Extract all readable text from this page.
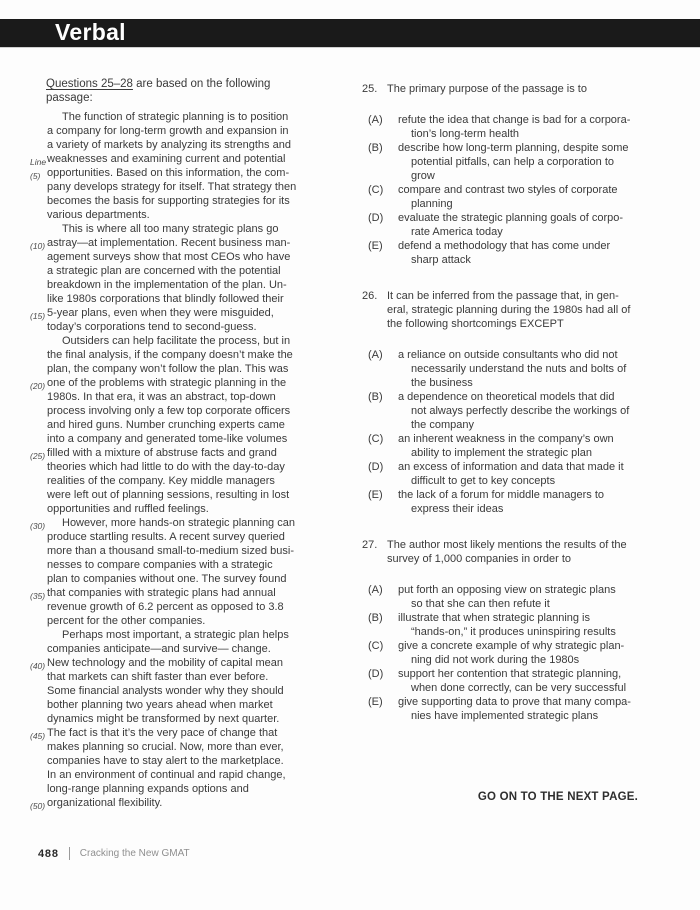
Verbal
Questions 25–28 are based on the following
passage:
The function of strategic planning is to position
a company for long-term growth and expansion in
a variety of markets by analyzing its strengths and
Line weaknesses and examining current and potential
(5) opportunities. Based on this information, the com-
pany develops strategy for itself. That strategy then
becomes the basis for supporting strategies for its
various departments.
This is where all too many strategic plans go
(10) astray—at implementation. Recent business man-
agement surveys show that most CEOs who have
a strategic plan are concerned with the potential
breakdown in the implementation of the plan. Un-
like 1980s corporations that blindly followed their
(15) 5-year plans, even when they were misguided,
today’s corporations tend to second-guess.
Outsiders can help facilitate the process, but in
the final analysis, if the company doesn’t make the
plan, the company won’t follow the plan. This was
(20) one of the problems with strategic planning in the
1980s. In that era, it was an abstract, top-down
process involving only a few top corporate officers
and hired guns. Number crunching experts came
into a company and generated tome-like volumes
(25) filled with a mixture of abstruse facts and grand
theories which had little to do with the day-to-day
realities of the company. Key middle managers
were left out of planning sessions, resulting in lost
opportunities and ruffled feelings.
(30)	However, more hands-on strategic planning can
produce startling results. A recent survey queried
more than a thousand small-to-medium sized busi-
nesses to compare companies with a strategic
plan to companies without one. The survey found
(35) that companies with strategic plans had annual
revenue growth of 6.2 percent as opposed to 3.8
percent for the other companies.
Perhaps most important, a strategic plan helps
companies anticipate—and survive— change.
(40) New technology and the mobility of capital mean
that markets can shift faster than ever before.
Some financial analysts wonder why they should
bother planning two years ahead when market
dynamics might be transformed by next quarter.
(45) The fact is that it’s the very pace of change that
makes planning so crucial. Now, more than ever,
companies have to stay alert to the marketplace.
In an environment of continual and rapid change,
long-range planning expands options and
(50) organizational flexibility.
25. The primary purpose of the passage is to
(A)	refute the idea that change is bad for a corpora-
tion’s long-term health
(B)	describe how long-term planning, despite some
potential pitfalls, can help a corporation to
grow
(C)	compare and contrast two styles of corporate
planning
(D)	evaluate the strategic planning goals of corpo-
rate America today
(E)	defend a methodology that has come under
sharp attack
26. It can be inferred from the passage that, in gen-
eral, strategic planning during the 1980s had all of
the following shortcomings EXCEPT
(A)	a reliance on outside consultants who did not
necessarily understand the nuts and bolts of
the business
(B)	a dependence on theoretical models that did
not always perfectly describe the workings of
the company
(C)	an inherent weakness in the company’s own
ability to implement the strategic plan
(D)	an excess of information and data that made it
difficult to get to key concepts
(E)	the lack of a forum for middle managers to
express their ideas
27. The author most likely mentions the results of the
survey of 1,000 companies in order to
(A)	put forth an opposing view on strategic plans
so that she can then refute it
(B)	illustrate that when strategic planning is
“hands-on,” it produces uninspiring results
(C)	give a concrete example of why strategic plan-
ning did not work during the 1980s
(D)	support her contention that strategic planning,
when done correctly, can be very successful
(E)	give supporting data to prove that many compa-
nies have implemented strategic plans
GO ON TO THE NEXT PAGE.
488 Cracking the New GMAT
